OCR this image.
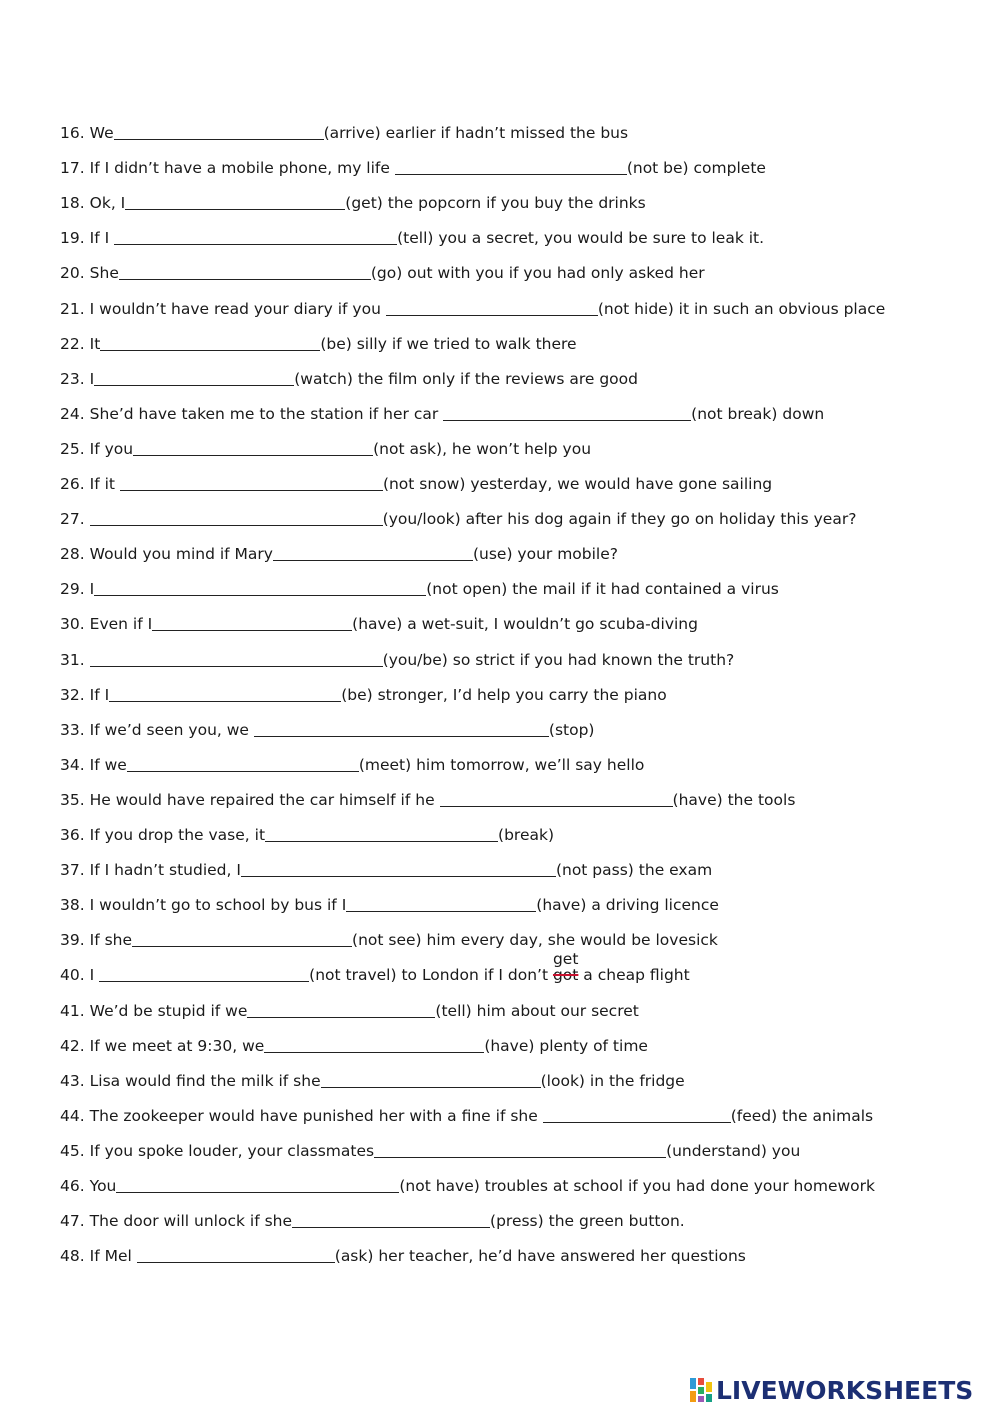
16. We	(arrive) earlier if hadn’t missed the bus
17. If I didn’t have a mobile phone, my life	(not be) complete
18. Ok, I	(get) the popcorn if you buy the drinks
19. If I	(tell) you a secret, you would be sure to leak it.
20. She	(go) out with you if you had only asked her
21. I wouldn’t have read your diary if you	(not hide) it in such an obvious place
22. It	(be) silly if we tried to walk there
23. I	(watch) the film only if the reviews are good
24. She’d have taken me to the station if her car	(not break) down
25. If you	(not ask), he won’t help you
26. If it	(not snow) yesterday, we would have gone sailing
27.	(you/look) after his dog again if they go on holiday this year?
28. Would you mind if Mary	(use) your mobile?
29. I	(not open) the mail if it had contained a virus
30. Even if I	(have) a wet-suit, I wouldn’t go scuba-diving
31.	(you/be) so strict if you had known the truth?
32. If I	(be) stronger, I’d help you carry the piano
33. If we’d seen you, we	(stop)
34. If we	(meet) him tomorrow, we’ll say hello
35. He would have repaired the car himself if he	(have) the tools
36. If you drop the vase, it	(break)
37. If I hadn’t studied, I	(not pass) the exam
38. I wouldn’t go to school by bus if I	(have) a driving licence
39. If she	(not see) him every day, she would be lovesick
40. I	(not travel) to London if I don’t got
get
a cheap flight
41. We’d be stupid if we	(tell) him about our secret
42. If we meet at 9:30, we	(have) plenty of time
43. Lisa would find the milk if she	(look) in the fridge
44. The zookeeper would have punished her with a fine if she	(feed) the animals
45. If you spoke louder, your classmates	(understand) you
46. You	(not have) troubles at school if you had done your homework
47. The door will unlock if she	(press) the green button.
48. If Mel	(ask) her teacher, he’d have answered her questions
LIVEWORKSHEETS
